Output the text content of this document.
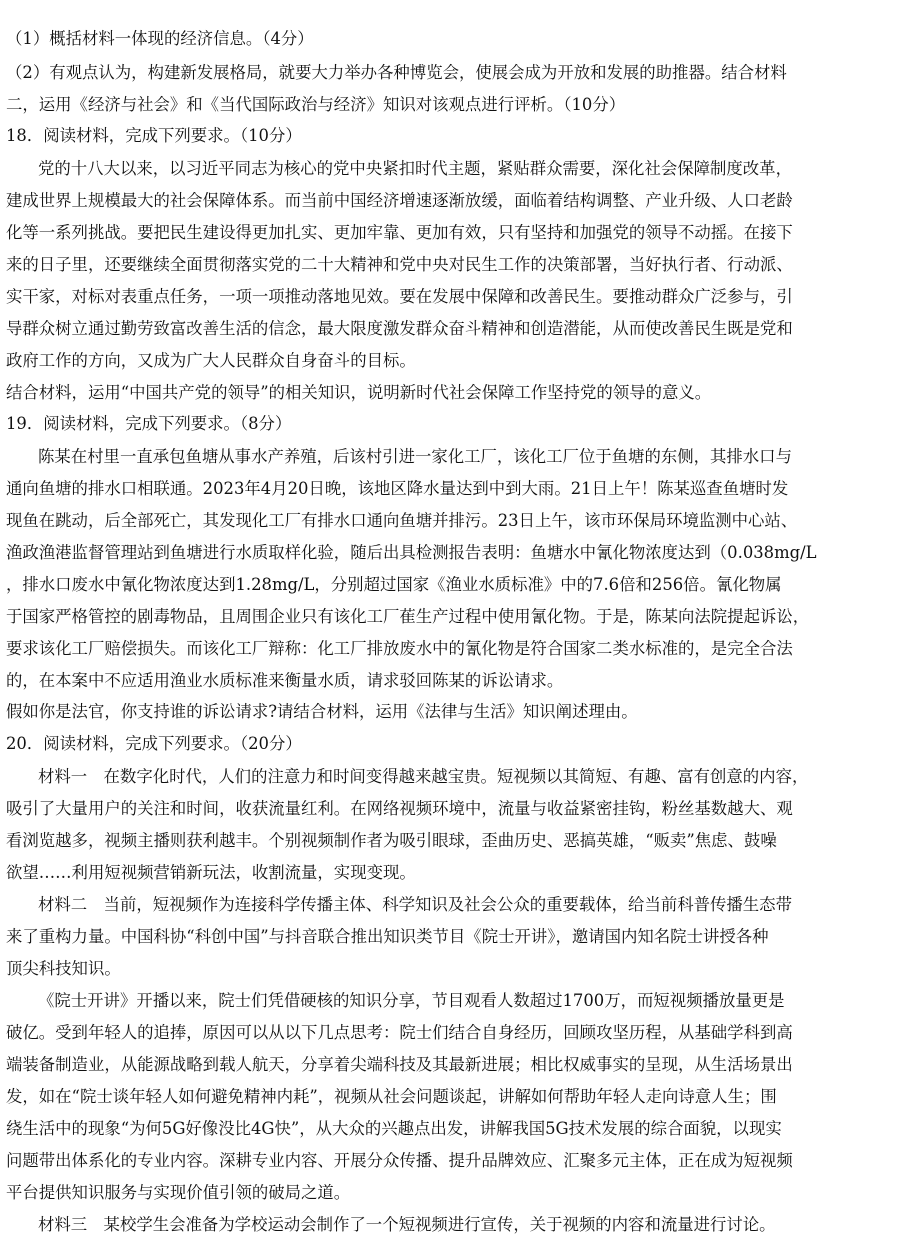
（1）概括材料一体现的经济信息。（4分）

（2）有观点认为，构建新发展格局，就要大力举办各种博览会，使展会成为开放和发展的助推器。结合材料

二，运用《经济与社会》和《当代国际政治与经济》知识对该观点进行评析。（10分）

18．阅读材料，完成下列要求。（10分）

党的十八大以来，以习近平同志为核心的党中央紧扣时代主题，紧贴群众需要，深化社会保障制度改革，

建成世界上规模最大的社会保障体系。而当前中国经济增速逐渐放缓，面临着结构调整、产业升级、人口老龄

化等一系列挑战。要把民生建设得更加扎实、更加牢靠、更加有效，只有坚持和加强党的领导不动摇。在接下

来的日子里，还要继续全面贯彻落实党的二十大精神和党中央对民生工作的决策部署，当好执行者、行动派、

实干家，对标对表重点任务，一项一项推动落地见效。要在发展中保障和改善民生。要推动群众广泛参与，引

导群众树立通过勤劳致富改善生活的信念，最大限度激发群众奋斗精神和创造潜能，从而使改善民生既是党和

政府工作的方向，又成为广大人民群众自身奋斗的目标。

结合材料，运用“中国共产党的领导”的相关知识，说明新时代社会保障工作坚持党的领导的意义。

19．阅读材料，完成下列要求。（8分）

陈某在村里一直承包鱼塘从事水产养殖，后该村引进一家化工厂，该化工厂位于鱼塘的东侧，其排水口与

通向鱼塘的排水口相联通。2023年4月20日晚，该地区降水量达到中到大雨。21日上午！陈某巡查鱼塘时发

现鱼在跳动，后全部死亡，其发现化工厂有排水口通向鱼塘并排污。23日上午，该市环保局环境监测中心站、

渔政渔港监督管理站到鱼塘进行水质取样化验，随后出具检测报告表明：鱼塘水中氰化物浓度达到（0.038mg/L

，排水口废水中氰化物浓度达到1.28mg/L，分别超过国家《渔业水质标准》中的7.6倍和256倍。氰化物属

于国家严格管控的剧毒物品，且周围企业只有该化工厂萑生产过程中使用氰化物。于是，陈某向法院提起诉讼，

要求该化工厂赔偿损失。而该化工厂辩称：化工厂排放废水中的氰化物是符合国家二类水标准的，是完全合法

的，在本案中不应适用渔业水质标准来衡量水质，请求驳回陈某的诉讼请求。

假如你是法官，你支持谁的诉讼请求?请结合材料，运用《法律与生活》知识阐述理由。

20．阅读材料，完成下列要求。（20分）

材料一　在数字化时代，人们的注意力和时间变得越来越宝贵。短视频以其简短、有趣、富有创意的内容，

吸引了大量用户的关注和时间，收获流量红利。在网络视频环境中，流量与收益紧密挂钩，粉丝基数越大、观

看浏览越多，视频主播则获利越丰。个别视频制作者为吸引眼球，歪曲历史、恶搞英雄，“贩卖”焦虑、鼓噪

欲望……利用短视频营销新玩法，收割流量，实现变现。

材料二　当前，短视频作为连接科学传播主体、科学知识及社会公众的重要载体，给当前科普传播生态带

来了重构力量。中国科协“科创中国”与抖音联合推出知识类节目《院士开讲》，邀请国内知名院士讲授各种

顶尖科技知识。

《院士开讲》开播以来，院士们凭借硬核的知识分享，节目观看人数超过1700万，而短视频播放量更是

破亿。受到年轻人的追捧，原因可以从以下几点思考：院士们结合自身经历，回顾攻坚历程，从基础学科到高

端装备制造业，从能源战略到载人航天，分享着尖端科技及其最新进展；相比权威事实的呈现，从生活场景出

发，如在“院士谈年轻人如何避免精神内耗”，视频从社会问题谈起，讲解如何帮助年轻人走向诗意人生；围

绕生活中的现象“为何5G好像没比4G快”，从大众的兴趣点出发，讲解我国5G技术发展的综合面貌，以现实

问题带出体系化的专业内容。深耕专业内容、开展分众传播、提升品牌效应、汇聚多元主体，正在成为短视频

平台提供知识服务与实现价值引领的破局之道。

材料三　某校学生会准备为学校运动会制作了一个短视频进行宣传，关于视频的内容和流量进行讨论。
